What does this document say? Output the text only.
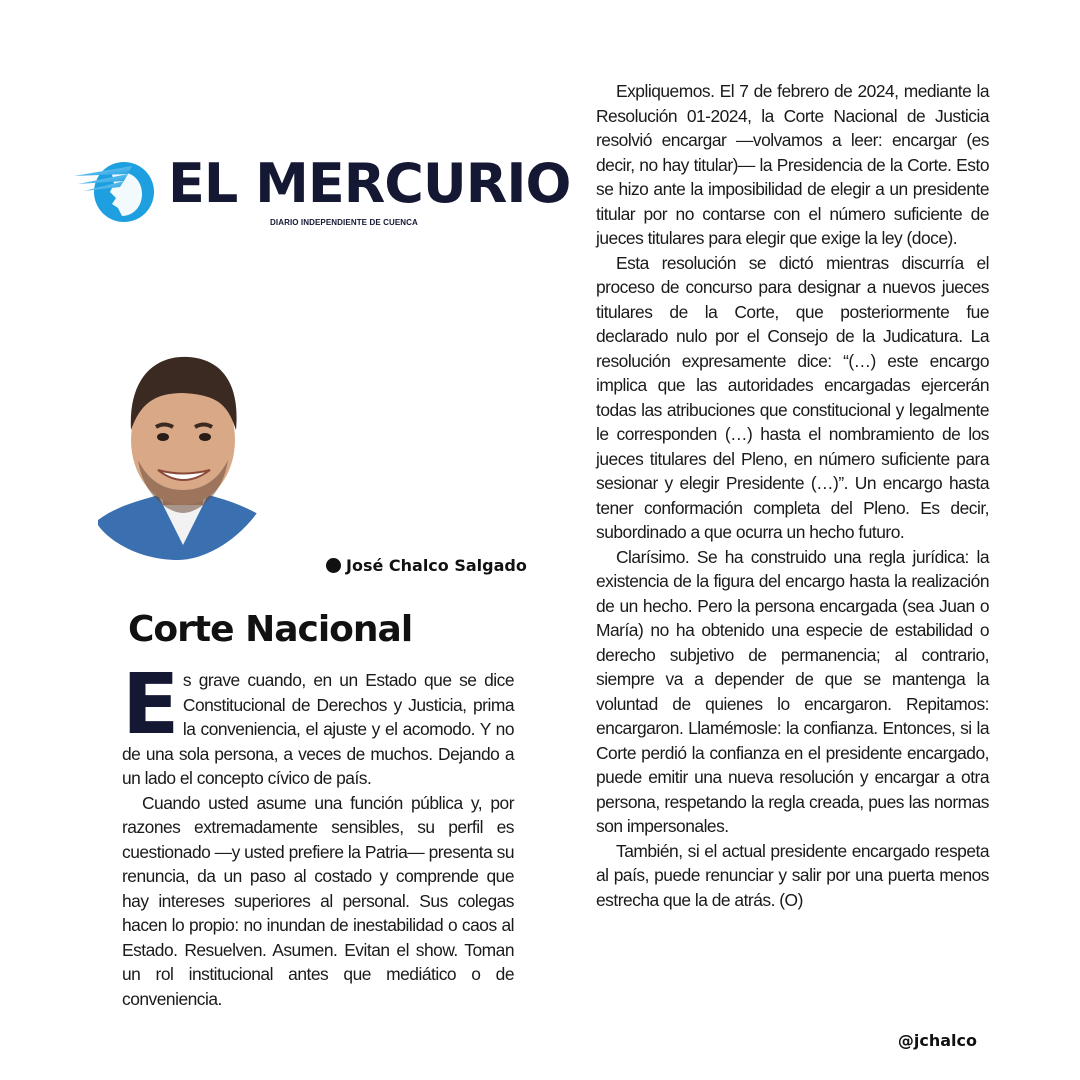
EL MERCURIO
DIARIO INDEPENDIENTE DE CUENCA
José Chalco Salgado
Corte Nacional

Es grave cuando, en un Estado que se dice Constitucional de Derechos y Justicia, prima la conveniencia, el ajuste y el acomodo. Y no de una sola persona, a veces de muchos. Dejando a un lado el concepto cívico de país.

Cuando usted asume una función pública y, por razones extremadamente sensibles, su perfil es cuestionado —y usted prefiere la Patria— presenta su renuncia, da un paso al costado y comprende que hay intereses superiores al personal. Sus colegas hacen lo propio: no inundan de inestabilidad o caos al Estado. Resuelven. Asumen. Evitan el show. Toman un rol institucional antes que mediático o de conveniencia.

Expliquemos. El 7 de febrero de 2024, mediante la Resolución 01-2024, la Corte Nacional de Justicia resolvió encargar —volvamos a leer: encargar (es decir, no hay titular)— la Presidencia de la Corte. Esto se hizo ante la imposibilidad de elegir a un presidente titular por no contarse con el número suficiente de jueces titulares para elegir que exige la ley (doce).

Esta resolución se dictó mientras discurría el proceso de concurso para designar a nuevos jueces titulares de la Corte, que posteriormente fue declarado nulo por el Consejo de la Judicatura. La resolución expresamente dice: “(…) este encargo implica que las autoridades encargadas ejercerán todas las atribuciones que constitucional y legalmente le corresponden (…) hasta el nombramiento de los jueces titulares del Pleno, en número suficiente para sesionar y elegir Presidente (…)”. Un encargo hasta tener conformación completa del Pleno. Es decir, subordinado a que ocurra un hecho futuro.

Clarísimo. Se ha construido una regla jurídica: la existencia de la figura del encargo hasta la realización de un hecho. Pero la persona encargada (sea Juan o María) no ha obtenido una especie de estabilidad o derecho subjetivo de permanencia; al contrario, siempre va a depender de que se mantenga la voluntad de quienes lo encargaron. Repitamos: encargaron. Llamémosle: la confianza. Entonces, si la Corte perdió la confianza en el presidente encargado, puede emitir una nueva resolución y encargar a otra persona, respetando la regla creada, pues las normas son impersonales.

También, si el actual presidente encargado respeta al país, puede renunciar y salir por una puerta menos estrecha que la de atrás. (O)

@jchalco
